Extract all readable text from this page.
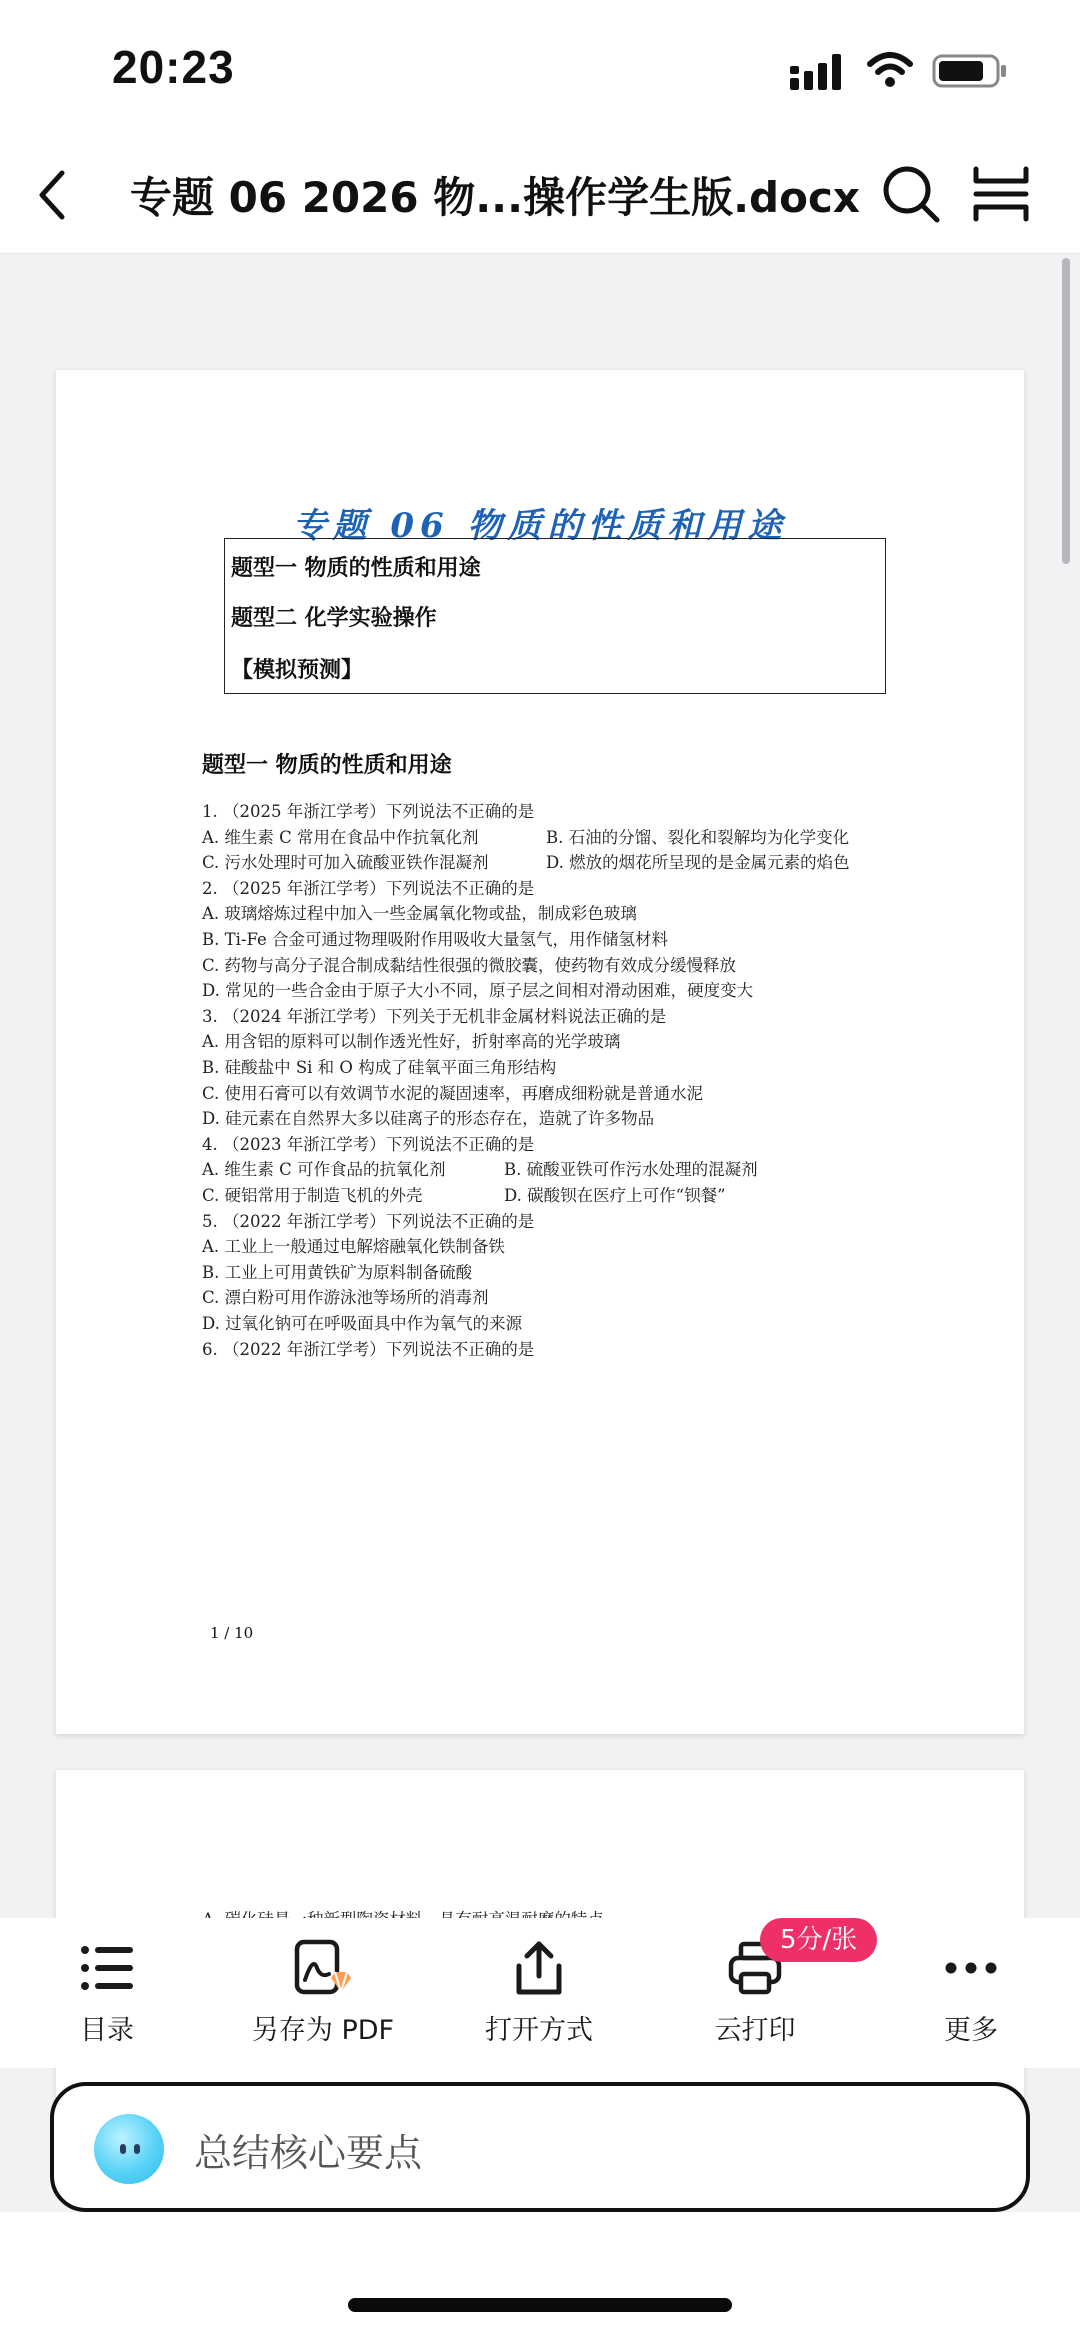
20:23
专题 06 2026 物...操作学生版.docx
专题 06 物质的性质和用途
题型一 物质的性质和用途
题型二 化学实验操作
【模拟预测】
题型一 物质的性质和用途
1. （2025 年浙江学考）下列说法不正确的是
A. 维生素 C 常用在食品中作抗氧化剂	B. 石油的分馏、裂化和裂解均为化学变化
C. 污水处理时可加入硫酸亚铁作混凝剂	D. 燃放的烟花所呈现的是金属元素的焰色
2. （2025 年浙江学考）下列说法不正确的是
A. 玻璃熔炼过程中加入一些金属氧化物或盐，制成彩色玻璃
B. Ti-Fe 合金可通过物理吸附作用吸收大量氢气，用作储氢材料
C. 药物与高分子混合制成黏结性很强的微胶囊，使药物有效成分缓慢释放
D. 常见的一些合金由于原子大小不同，原子层之间相对滑动困难，硬度变大
3. （2024 年浙江学考）下列关于无机非金属材料说法正确的是
A. 用含铝的原料可以制作透光性好，折射率高的光学玻璃
B. 硅酸盐中 Si 和 O 构成了硅氧平面三角形结构
C. 使用石膏可以有效调节水泥的凝固速率，再磨成细粉就是普通水泥
D. 硅元素在自然界大多以硅离子的形态存在，造就了许多物品
4. （2023 年浙江学考）下列说法不正确的是
A. 维生素 C 可作食品的抗氧化剂	B. 硫酸亚铁可作污水处理的混凝剂
C. 硬铝常用于制造飞机的外壳	D. 碳酸钡在医疗上可作“钡餐”
5. （2022 年浙江学考）下列说法不正确的是
A. 工业上一般通过电解熔融氧化铁制备铁
B. 工业上可用黄铁矿为原料制备硫酸
C. 漂白粉可用作游泳池等场所的消毒剂
D. 过氧化钠可在呼吸面具中作为氧气的来源
6. （2022 年浙江学考）下列说法不正确的是
1 / 10
目录	另存为 PDF	打开方式	云打印
5分/张
更多
总结核心要点
